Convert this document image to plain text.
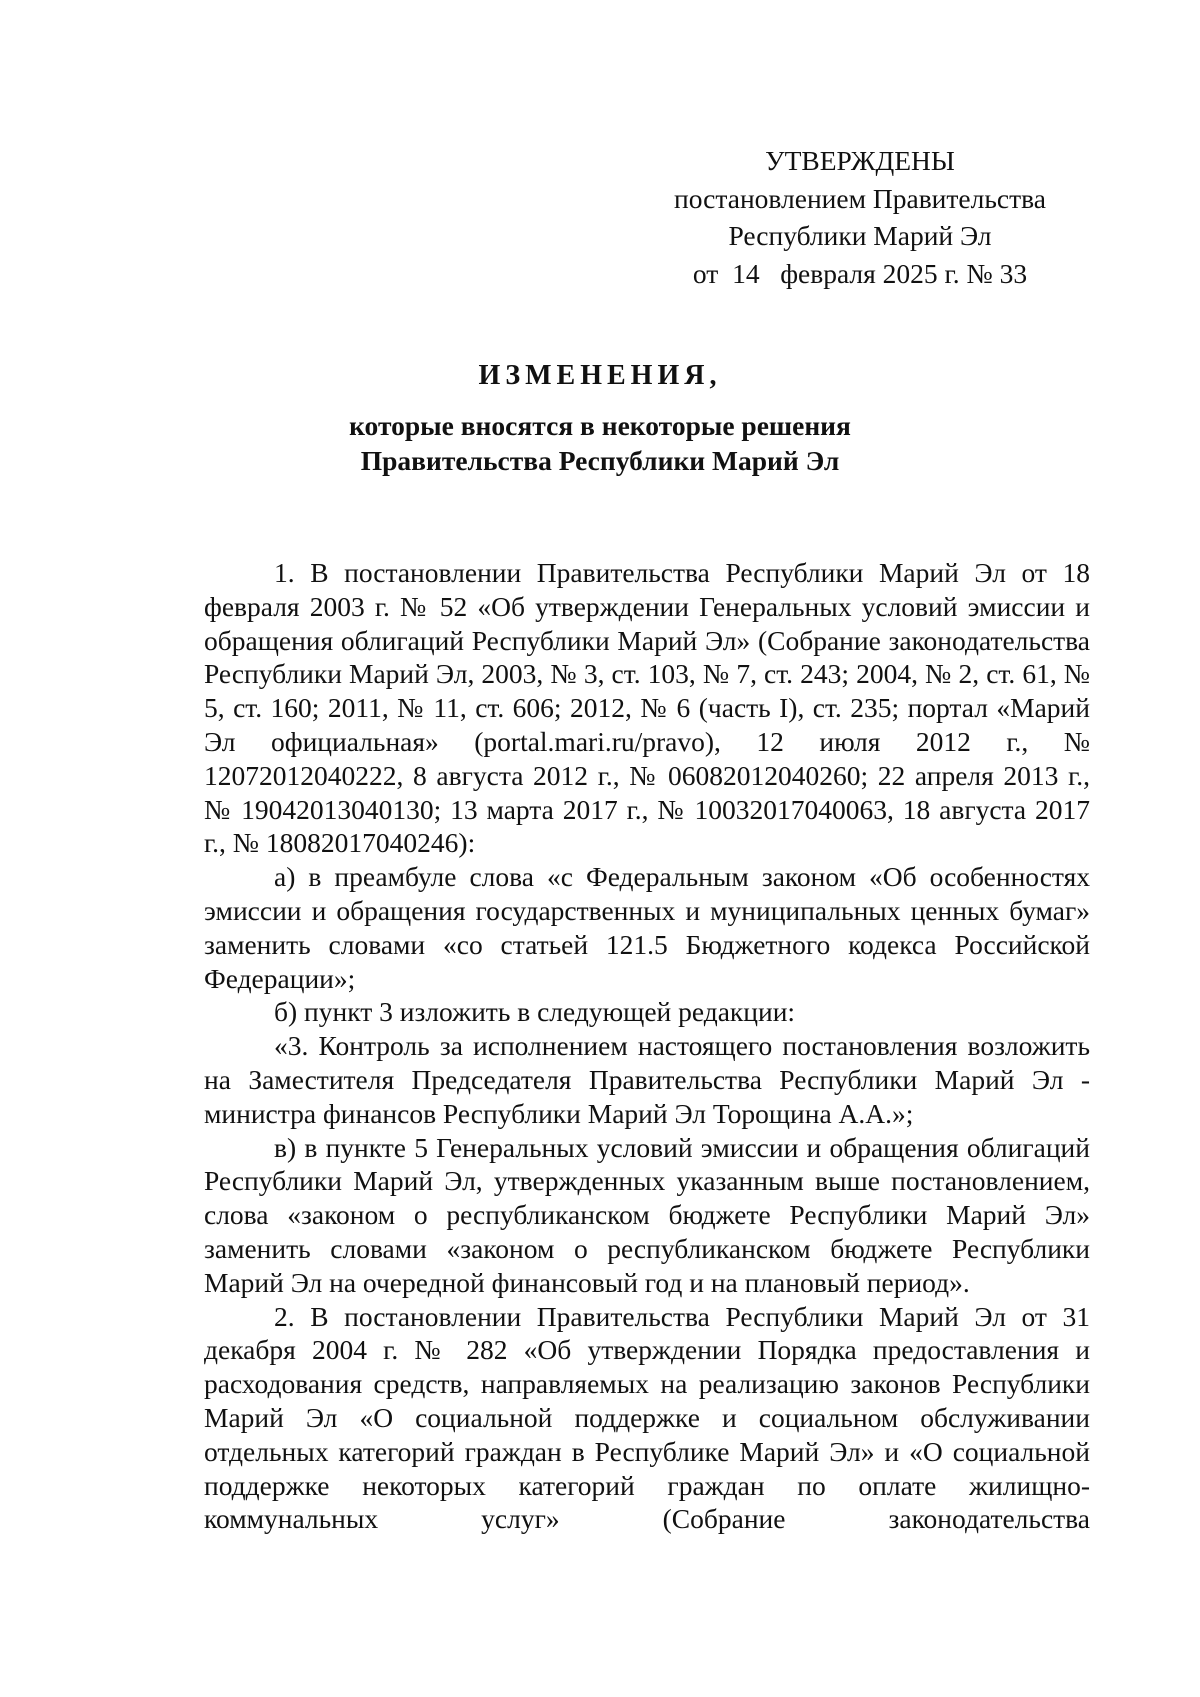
УТВЕРЖДЕНЫ
постановлением Правительства
Республики Марий Эл
от  14   февраля 2025 г. № 33
ИЗМЕНЕНИЯ,
которые вносятся в некоторые решения
Правительства Республики Марий Эл

1. В постановлении Правительства Республики Марий Эл от 18 февраля 2003 г. № 52 «Об утверждении Генеральных условий эмиссии и обращения облигаций Республики Марий Эл» (Собрание законодательства Республики Марий Эл, 2003, № 3, ст. 103, № 7, ст. 243; 2004, № 2, ст. 61, № 5, ст. 160; 2011, № 11, ст. 606; 2012, № 6 (часть I), ст. 235; портал «Марий Эл официальная» (portal.mari.ru/pravo), 12 июля 2012 г., № 12072012040222, 8 августа 2012 г., № 06082012040260; 22 апреля 2013 г., № 19042013040130; 13 марта 2017 г., № 10032017040063, 18 августа 2017 г., № 18082017040246):

а) в преамбуле слова «с Федеральным законом «Об особенностях эмиссии и обращения государственных и муниципальных ценных бумаг» заменить словами «со статьей 121.5 Бюджетного кодекса Российской Федерации»;

б) пункт 3 изложить в следующей редакции:

«3. Контроль за исполнением настоящего постановления возложить на Заместителя Председателя Правительства Республики Марий Эл - министра финансов Республики Марий Эл Торощина А.А.»;

в) в пункте 5 Генеральных условий эмиссии и обращения облигаций Республики Марий Эл, утвержденных указанным выше постановлением, слова «законом о республиканском бюджете Республики Марий Эл» заменить словами «законом о республиканском бюджете Республики Марий Эл на очередной финансовый год и на плановый период».

2. В постановлении Правительства Республики Марий Эл от 31 декабря 2004 г. № 282 «Об утверждении Порядка предоставления и расходования средств, направляемых на реализацию законов Республики Марий Эл «О социальной поддержке и социальном обслуживании отдельных категорий граждан в Республике Марий Эл» и «О социальной поддержке некоторых категорий граждан по оплате жилищно-коммунальных услуг» (Собрание законодательства
